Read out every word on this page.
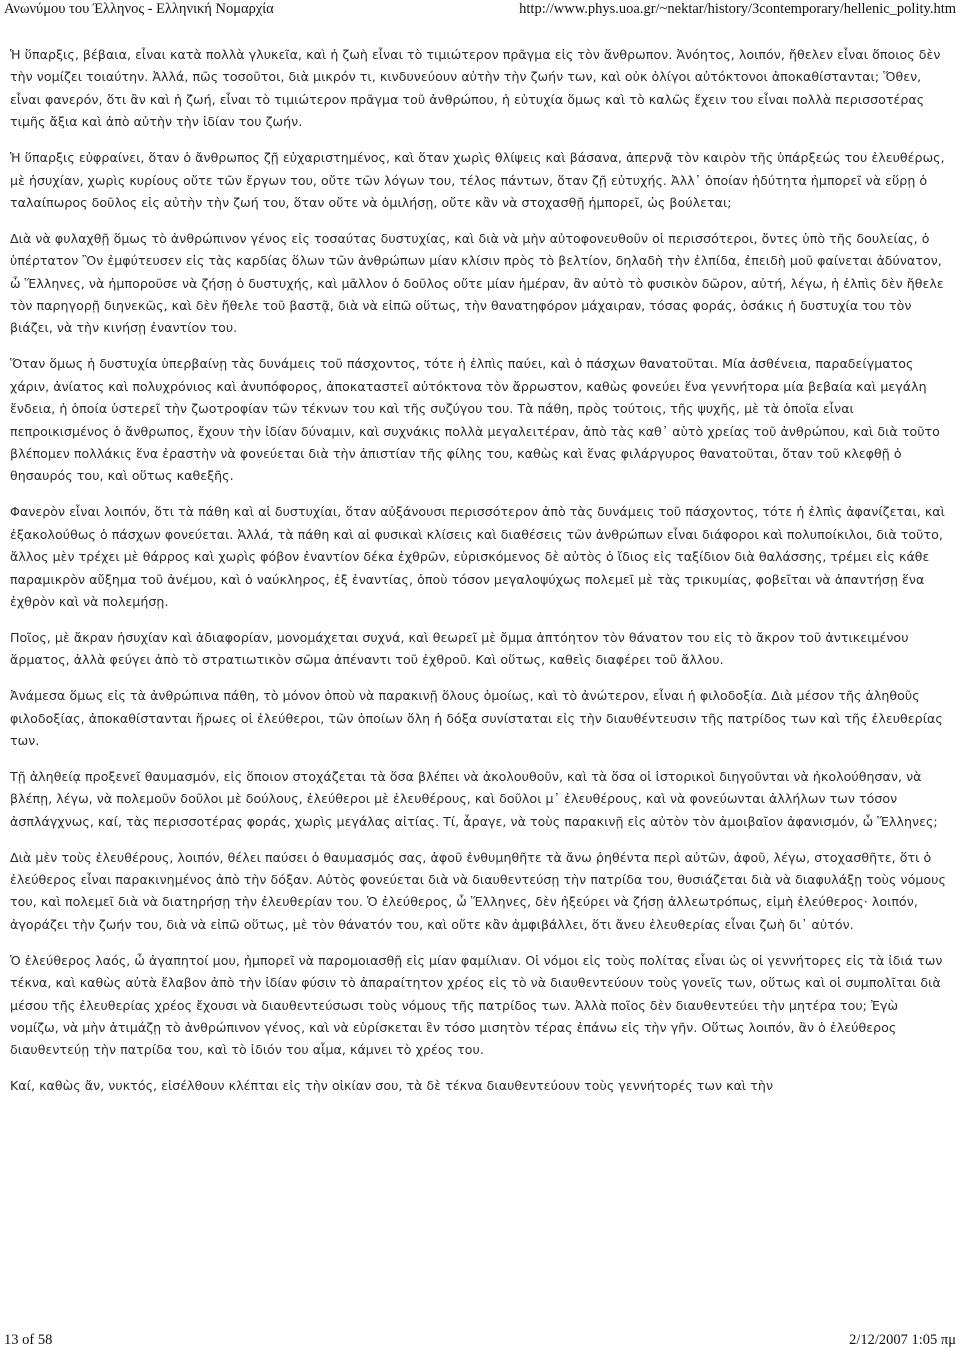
Ανωνύμου του Έλληνος - Ελληνική Νομαρχία	http://www.phys.uoa.gr/~nektar/history/3contemporary/hellenic_polity.htm

Ἡ ὕπαρξις, βέβαια, εἶναι κατὰ πολλὰ γλυκεῖα, καὶ ἡ ζωὴ εἶναι τὸ τιμιώτερον πρᾶγμα εἰς τὸν ἄνθρωπον. Ἀνόητος, λοιπόν, ἤθελεν εἶναι ὅποιος δὲν τὴν νομίζει τοιαύτην. Ἀλλά, πῶς τοσοῦτοι, διὰ μικρόν τι, κινδυνεύουν αὐτὴν τὴν ζωήν των, καὶ οὐκ ὀλίγοι αὐτόκτονοι ἀποκαθίστανται; Ὅθεν, εἶναι φανερόν, ὅτι ἂν καὶ ἡ ζωή, εἶναι τὸ τιμιώτερον πρᾶγμα τοῦ ἀνθρώπου, ἡ εὐτυχία ὅμως καὶ τὸ καλῶς ἔχειν του εἶναι πολλὰ περισσοτέρας τιμῆς ἄξια καὶ ἀπὸ αὐτὴν τὴν ἰδίαν του ζωήν.

Ἡ ὕπαρξις εὐφραίνει, ὅταν ὁ ἄνθρωπος ζῇ εὐχαριστημένος, καὶ ὅταν χωρὶς θλίψεις καὶ βάσανα, ἀπερνᾷ τὸν καιρὸν τῆς ὑπάρξεώς του ἐλευθέρως, μὲ ἡσυχίαν, χωρὶς κυρίους οὔτε τῶν ἔργων του, οὔτε τῶν λόγων του, τέλος πάντων, ὅταν ζῇ εὐτυχής. Ἀλλ᾿ ὁποίαν ἡδύτητα ἠμπορεῖ νὰ εὕρῃ ὁ ταλαίπωρος δοῦλος εἰς αὐτὴν τὴν ζωή του, ὅταν οὔτε νὰ ὁμιλήσῃ, οὔτε κἂν νὰ στοχασθῇ ἠμπορεῖ, ὡς βούλεται;

Διὰ νὰ φυλαχθῇ ὅμως τὸ ἀνθρώπινον γένος εἰς τοσαύτας δυστυχίας, καὶ διὰ νὰ μὴν αὐτοφονευθοῦν οἱ περισσότεροι, ὄντες ὑπὸ τῆς δουλείας, ὁ ὑπέρτατον Ὂν ἐμφύτευσεν εἰς τὰς καρδίας ὅλων τῶν ἀνθρώπων μίαν κλίσιν πρὸς τὸ βελτίον, δηλαδὴ τὴν ἐλπίδα, ἐπειδὴ μοῦ φαίνεται ἀδύνατον, ὦ Ἕλληνες, νὰ ἠμποροῦσε νὰ ζήσῃ ὁ δυστυχής, καὶ μᾶλλον ὁ δοῦλος οὔτε μίαν ἡμέραν, ἂν αὐτὸ τὸ φυσικὸν δῶρον, αὐτή, λέγω, ἡ ἐλπὶς δὲν ἤθελε τὸν παρηγορῇ διηνεκῶς, καὶ δὲν ἤθελε τοῦ βαστᾷ, διὰ νὰ εἰπῶ οὕτως, τὴν θανατηφόρον μάχαιραν, τόσας φοράς, ὁσάκις ἡ δυστυχία του τὸν βιάζει, νὰ τὴν κινήσῃ ἐναντίον του.

Ὅταν ὅμως ἡ δυστυχία ὑπερβαίνῃ τὰς δυνάμεις τοῦ πάσχοντος, τότε ἡ ἐλπὶς παύει, καὶ ὁ πάσχων θανατοῦται. Μία ἀσθένεια, παραδείγματος χάριν, ἀνίατος καὶ πολυχρόνιος καὶ ἀνυπόφορος, ἀποκαταστεῖ αὐτόκτονα τὸν ἄρρωστον, καθὼς φονεύει ἕνα γεννήτορα μία βεβαία καὶ μεγάλη ἔνδεια, ἡ ὁποία ὑστερεῖ τὴν ζωοτροφίαν τῶν τέκνων του καὶ τῆς συζύγου του. Τὰ πάθη, πρὸς τούτοις, τῆς ψυχῆς, μὲ τὰ ὁποῖα εἶναι πεπροικισμένος ὁ ἄνθρωπος, ἔχουν τὴν ἰδίαν δύναμιν, καὶ συχνάκις πολλὰ μεγαλειτέραν, ἀπὸ τὰς καθ᾿ αὑτὸ χρείας τοῦ ἀνθρώπου, καὶ διὰ τοῦτο βλέπομεν πολλάκις ἕνα ἐραστὴν νὰ φονεύεται διὰ τὴν ἀπιστίαν τῆς φίλης του, καθὼς καὶ ἕνας φιλάργυρος θανατοῦται, ὅταν τοῦ κλεφθῇ ὁ θησαυρός του, καὶ οὕτως καθεξῆς.

Φανερὸν εἶναι λοιπόν, ὅτι τὰ πάθη καὶ αἱ δυστυχίαι, ὅταν αὐξάνουσι περισσότερον ἀπὸ τὰς δυνάμεις τοῦ πάσχοντος, τότε ἡ ἐλπὶς ἀφανίζεται, καὶ ἐξακολούθως ὁ πάσχων φονεύεται. Ἀλλά, τὰ πάθη καὶ αἱ φυσικαὶ κλίσεις καὶ διαθέσεις τῶν ἀνθρώπων εἶναι διάφοροι καὶ πολυποίκιλοι, διὰ τοῦτο, ἄλλος μὲν τρέχει μὲ θάρρος καὶ χωρὶς φόβον ἐναντίον δέκα ἐχθρῶν, εὑρισκόμενος δὲ αὐτὸς ὁ ἴδιος εἰς ταξίδιον διὰ θαλάσσης, τρέμει εἰς κάθε παραμικρὸν αὔξημα τοῦ ἀνέμου, καὶ ὁ ναύκληρος, ἐξ ἐναντίας, ὁποὺ τόσον μεγαλοψύχως πολεμεῖ μὲ τὰς τρικυμίας, φοβεῖται νὰ ἀπαντήσῃ ἕνα ἐχθρὸν καὶ νὰ πολεμήσῃ.

Ποῖος, μὲ ἄκραν ἡσυχίαν καὶ ἀδιαφορίαν, μονομάχεται συχνά, καὶ θεωρεῖ μὲ ὄμμα ἀπτόητον τὸν θάνατον του εἰς τὸ ἄκρον τοῦ ἀντικειμένου ἅρματος, ἀλλὰ φεύγει ἀπὸ τὸ στρατιωτικὸν σῶμα ἀπέναντι τοῦ ἐχθροῦ. Καὶ οὕτως, καθεὶς διαφέρει τοῦ ἄλλου.

Ἀνάμεσα ὅμως εἰς τὰ ἀνθρώπινα πάθη, τὸ μόνον ὁποὺ νὰ παρακινῇ ὅλους ὁμοίως, καὶ τὸ ἀνώτερον, εἶναι ἡ φιλοδοξία. Διὰ μέσον τῆς ἀληθοῦς φιλοδοξίας, ἀποκαθίστανται ἥρωες οἱ ἐλεύθεροι, τῶν ὁποίων ὅλη ἡ δόξα συνίσταται εἰς τὴν διαυθέντευσιν τῆς πατρίδος των καὶ τῆς ἐλευθερίας των.

Τῇ ἀληθείᾳ προξενεῖ θαυμασμόν, εἰς ὅποιον στοχάζεται τὰ ὅσα βλέπει νὰ ἀκολουθοῦν, καὶ τὰ ὅσα οἱ ἱστορικοὶ διηγοῦνται νὰ ἠκολούθησαν, νὰ βλέπῃ, λέγω, νὰ πολεμοῦν δοῦλοι μὲ δούλους, ἐλεύθεροι μὲ ἐλευθέρους, καὶ δοῦλοι μ᾿ ἐλευθέρους, καὶ νὰ φονεύωνται ἀλλήλων των τόσον ἀσπλάγχνως, καί, τὰς περισσοτέρας φοράς, χωρὶς μεγάλας αἰτίας. Τί, ἆραγε, νὰ τοὺς παρακινῇ εἰς αὐτὸν τὸν ἀμοιβαῖον ἀφανισμόν, ὦ Ἕλληνες;

Διὰ μὲν τοὺς ἐλευθέρους, λοιπόν, θέλει παύσει ὁ θαυμασμός σας, ἀφοῦ ἐνθυμηθῆτε τὰ ἄνω ῥηθέντα περὶ αὐτῶν, ἀφοῦ, λέγω, στοχασθῆτε, ὅτι ὁ ἐλεύθερος εἶναι παρακινημένος ἀπὸ τὴν δόξαν. Αὐτὸς φονεύεται διὰ νὰ διαυθεντεύσῃ τὴν πατρίδα του, θυσιάζεται διὰ νὰ διαφυλάξῃ τοὺς νόμους του, καὶ πολεμεῖ διὰ νὰ διατηρήσῃ τὴν ἐλευθερίαν του. Ὁ ἐλεύθερος, ὦ Ἕλληνες, δὲν ἠξεύρει νὰ ζήσῃ ἀλλεωτρόπως, εἰμὴ ἐλεύθερος· λοιπόν, ἀγοράζει τὴν ζωήν του, διὰ νὰ εἰπῶ οὕτως, μὲ τὸν θάνατόν του, καὶ οὔτε κἂν ἀμφιβάλλει, ὅτι ἄνευ ἐλευθερίας εἶναι ζωὴ δι᾿ αὐτόν.

Ὁ ἐλεύθερος λαός, ὦ ἀγαπητοί μου, ἠμπορεῖ νὰ παρομοιασθῇ εἰς μίαν φαμίλιαν. Οἱ νόμοι εἰς τοὺς πολίτας εἶναι ὡς οἱ γεννήτορες εἰς τὰ ἰδιά των τέκνα, καὶ καθὼς αὐτὰ ἔλαβον ἀπὸ τὴν ἰδίαν φύσιν τὸ ἀπαραίτητον χρέος εἰς τὸ νὰ διαυθεντεύουν τοὺς γονεῖς των, οὕτως καὶ οἱ συμπολῖται διὰ μέσου τῆς ἐλευθερίας χρέος ἔχουσι νὰ διαυθεντεύσωσι τοὺς νόμους τῆς πατρίδος των. Ἀλλὰ ποῖος δὲν διαυθεντεύει τὴν μητέρα του; Ἐγὼ νομίζω, νὰ μὴν ἀτιμάζῃ τὸ ἀνθρώπινον γένος, καὶ νὰ εὑρίσκεται ἓν τόσο μισητὸν τέρας ἐπάνω εἰς τὴν γῆν. Οὕτως λοιπόν, ἂν ὁ ἐλεύθερος διαυθεντεύῃ τὴν πατρίδα του, καὶ τὸ ἰδιόν του αἷμα, κάμνει τὸ χρέος του.

Καί, καθὼς ἄν, νυκτός, εἰσέλθουν κλέπται εἰς τὴν οἰκίαν σου, τὰ δὲ τέκνα διαυθεντεύουν τοὺς γεννήτορές των καὶ τὴν

13 of 58	2/12/2007 1:05 πμ
